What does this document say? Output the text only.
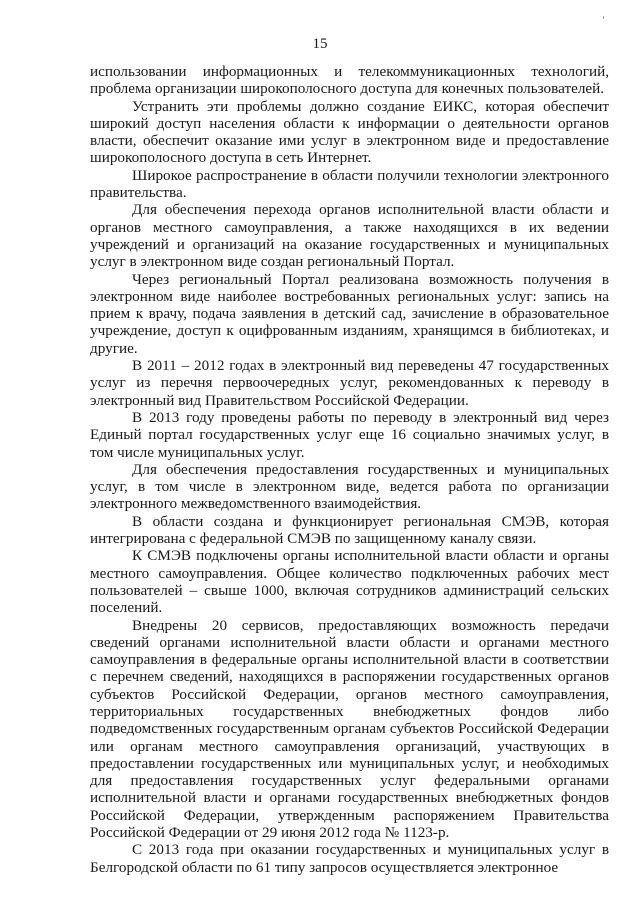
ʼ
15

использовании информационных и телекоммуникационных технологий, проблема организации широкополосного доступа для конечных пользователей.

Устранить эти проблемы должно создание ЕИКС, которая обеспечит широкий доступ населения области к информации о деятельности органов власти, обеспечит оказание ими услуг в электронном виде и предоставление широкополосного доступа в сеть Интернет.

Широкое распространение в области получили технологии электронного правительства.

Для обеспечения перехода органов исполнительной власти области и органов местного самоуправления, а также находящихся в их ведении учреждений и организаций на оказание государственных и муниципальных услуг в электронном виде создан региональный Портал.

Через региональный Портал реализована возможность получения в электронном виде наиболее востребованных региональных услуг: запись на прием к врачу, подача заявления в детский сад, зачисление в образовательное учреждение, доступ к оцифрованным изданиям, хранящимся в библиотеках, и другие.

В 2011 – 2012 годах в электронный вид переведены 47 государственных услуг из перечня первоочередных услуг, рекомендованных к переводу в электронный вид Правительством Российской Федерации.

В 2013 году проведены работы по переводу в электронный вид через Единый портал государственных услуг еще 16 социально значимых услуг, в том числе муниципальных услуг.

Для обеспечения предоставления государственных и муниципальных услуг, в том числе в электронном виде, ведется работа по организации электронного межведомственного взаимодействия.

В области создана и функционирует региональная СМЭВ, которая интегрирована с федеральной СМЭВ по защищенному каналу связи.

К СМЭВ подключены органы исполнительной власти области и органы местного самоуправления. Общее количество подключенных рабочих мест пользователей – свыше 1000, включая сотрудников администраций сельских поселений.

Внедрены 20 сервисов, предоставляющих возможность передачи сведений органами исполнительной власти области и органами местного самоуправления в федеральные органы исполнительной власти в соответствии с перечнем сведений, находящихся в распоряжении государственных органов субъектов Российской Федерации, органов местного самоуправления, территориальных государственных внебюджетных фондов либо подведомственных государственным органам субъектов Российской Федерации или органам местного самоуправления организаций, участвующих в предоставлении государственных или муниципальных услуг, и необходимых для предоставления государственных услуг федеральными органами исполнительной власти и органами государственных внебюджетных фондов Российской Федерации, утвержденным распоряжением Правительства Российской Федерации от 29 июня 2012 года № 1123-р.

С 2013 года при оказании государственных и муниципальных услуг в Белгородской области по 61 типу запросов осуществляется электронное
